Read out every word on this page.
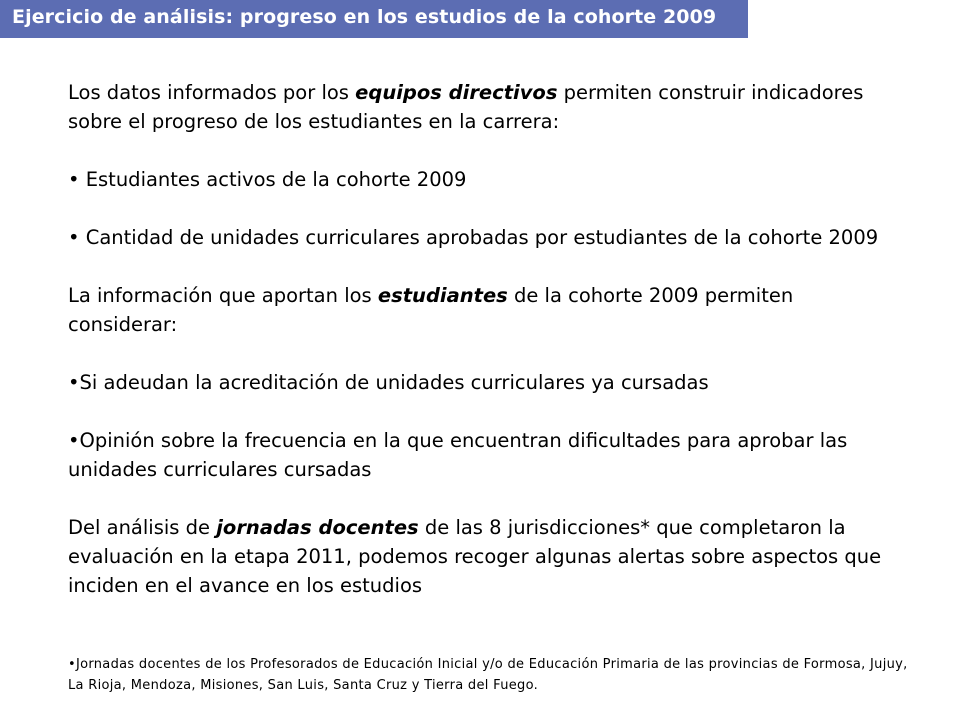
Ejercicio de análisis: progreso en los estudios de la cohorte 2009

Los datos informados por los equipos directivos permiten construir indicadores sobre el progreso de los estudiantes en la carrera:

• Estudiantes activos de la cohorte 2009

• Cantidad de unidades curriculares aprobadas por estudiantes de la cohorte 2009

La información que aportan los estudiantes de la cohorte 2009 permiten considerar:

•Si adeudan la acreditación de unidades curriculares ya cursadas

•Opinión sobre la frecuencia en la que encuentran dificultades para aprobar las unidades curriculares cursadas

Del análisis de jornadas docentes de las 8 jurisdicciones* que completaron la evaluación en la etapa 2011, podemos recoger algunas alertas sobre aspectos que inciden en el avance en los estudios

•Jornadas docentes de los Profesorados de Educación Inicial y/o de Educación Primaria de las provincias de Formosa, Jujuy, La Rioja, Mendoza, Misiones, San Luis, Santa Cruz y Tierra del Fuego.
